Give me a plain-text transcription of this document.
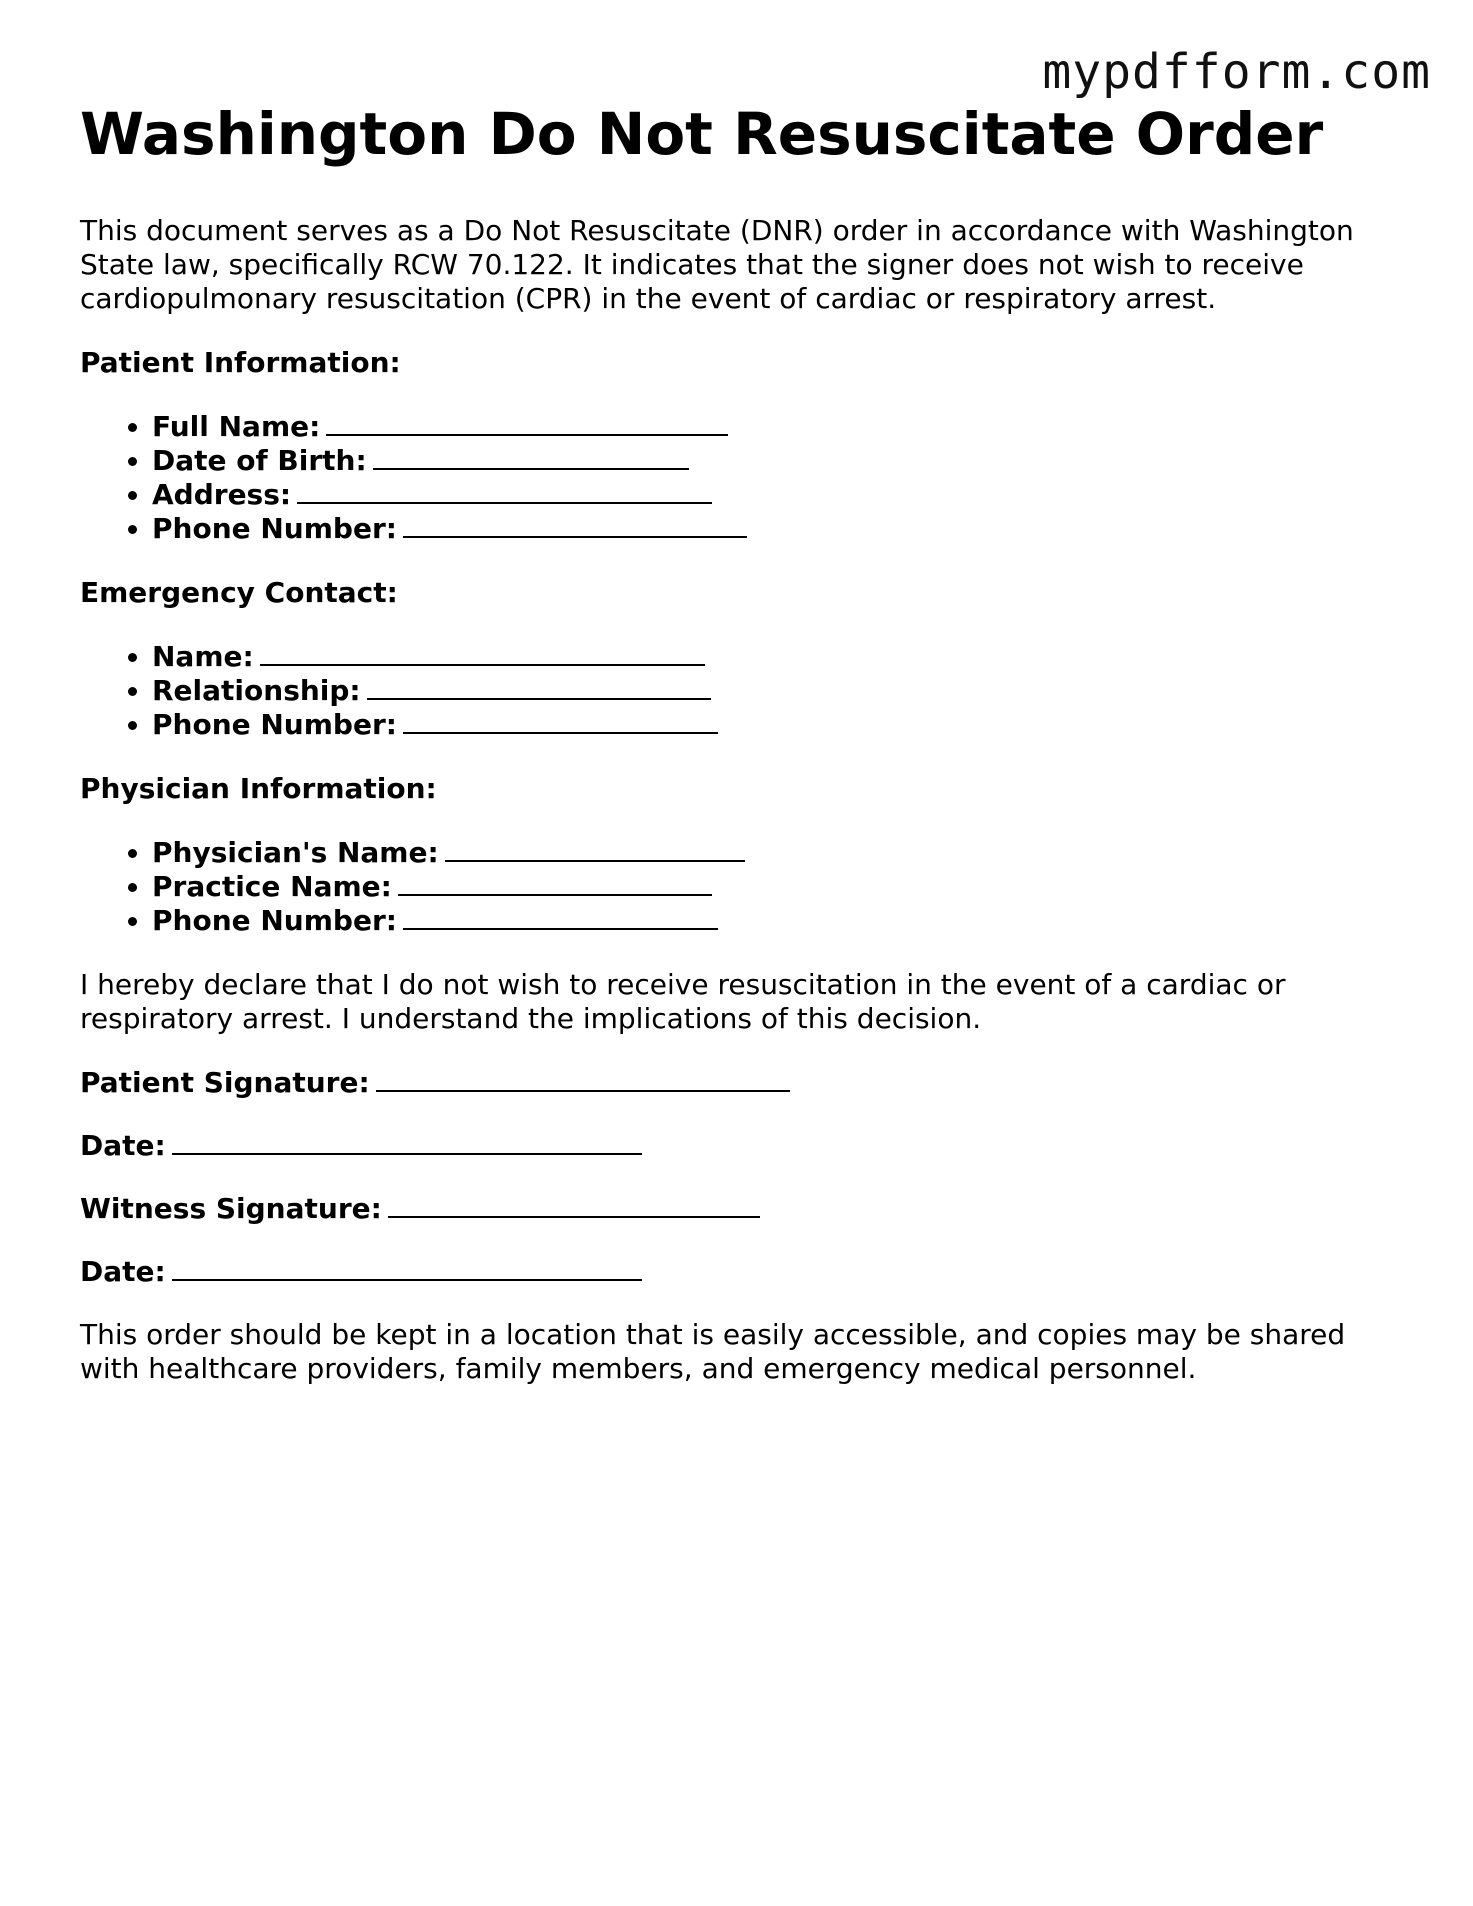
mypdfform.com
Washington Do Not Resuscitate Order

This document serves as a Do Not Resuscitate (DNR) order in accordance with Washington State law, specifically RCW 70.122. It indicates that the signer does not wish to receive cardiopulmonary resuscitation (CPR) in the event of cardiac or respiratory arrest.

Patient Information:
• Full Name:
• Date of Birth:
• Address:
• Phone Number:
Emergency Contact:
• Name:
• Relationship:
• Phone Number:
Physician Information:
• Physician's Name:
• Practice Name:
• Phone Number:

I hereby declare that I do not wish to receive resuscitation in the event of a cardiac or respiratory arrest. I understand the implications of this decision.

Patient Signature:
Date:
Witness Signature:
Date:

This order should be kept in a location that is easily accessible, and copies may be shared with healthcare providers, family members, and emergency medical personnel.
